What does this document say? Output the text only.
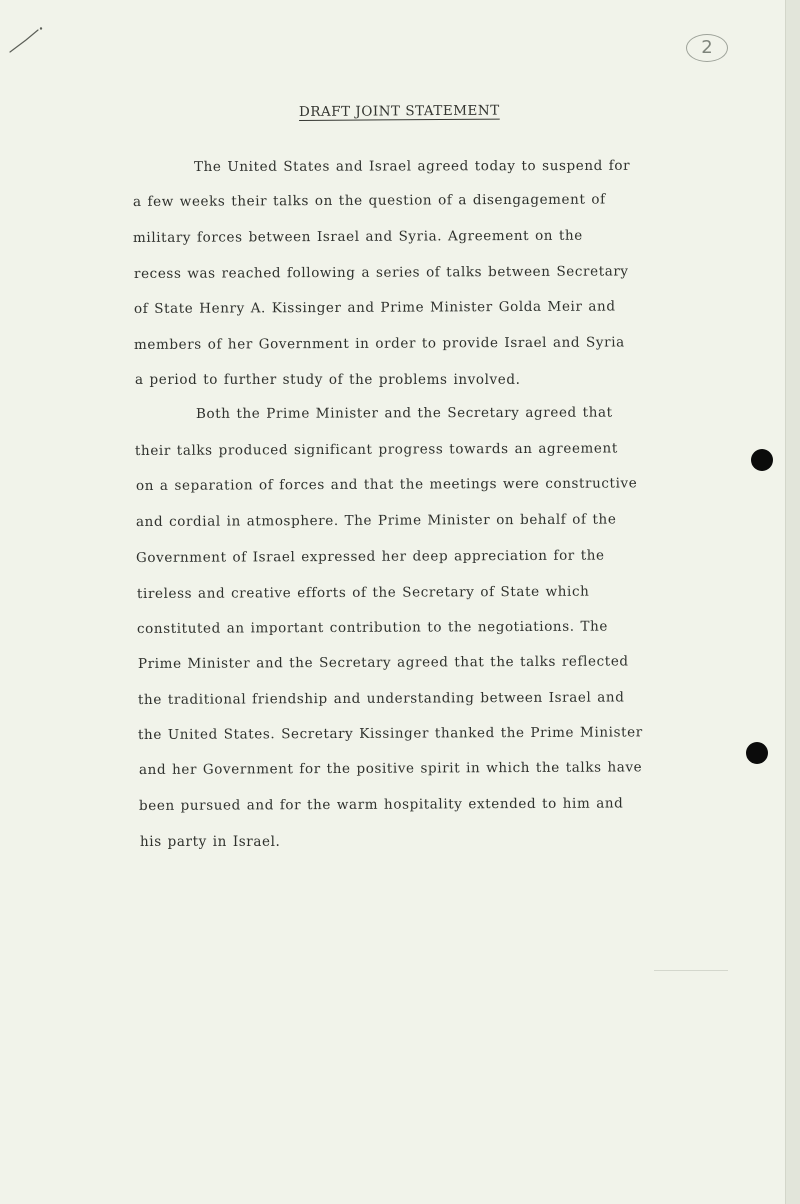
2
DRAFT JOINT STATEMENT
The United States and Israel agreed today to suspend for
a few weeks their talks on the question of a disengagement of
military forces between Israel and Syria. Agreement on the
recess was reached following a series of talks between Secretary
of State Henry A. Kissinger and Prime Minister Golda Meir and
members of her Government in order to provide Israel and Syria
a period to further study of the problems involved.
Both the Prime Minister and the Secretary agreed that
their talks produced significant progress towards an agreement
on a separation of forces and that the meetings were constructive
and cordial in atmosphere. The Prime Minister on behalf of the
Government of Israel expressed her deep appreciation for the
tireless and creative efforts of the Secretary of State which
constituted an important contribution to the negotiations. The
Prime Minister and the Secretary agreed that the talks reflected
the traditional friendship and understanding between Israel and
the United States. Secretary Kissinger thanked the Prime Minister
and her Government for the positive spirit in which the talks have
been pursued and for the warm hospitality extended to him and
his party in Israel.
